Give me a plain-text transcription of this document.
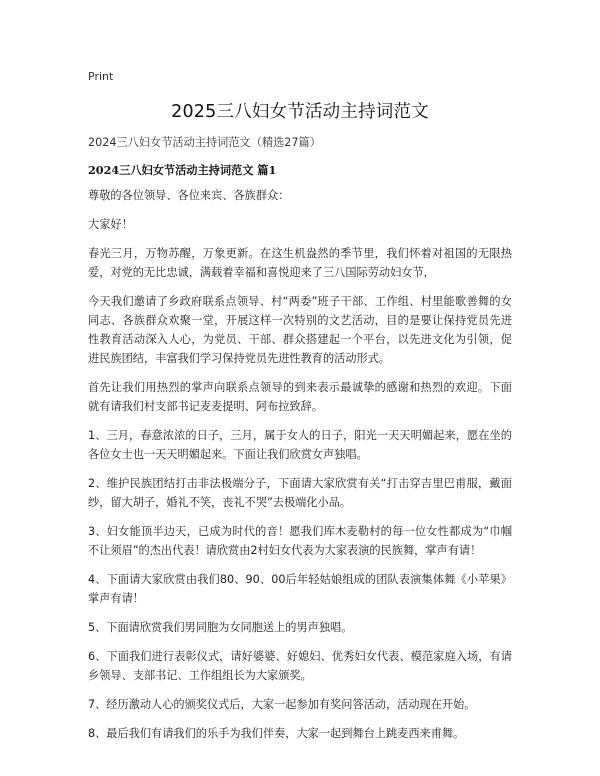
Print
2025三八妇女节活动主持词范文
2024三八妇女节活动主持词范文（精选27篇）
2024三八妇女节活动主持词范文 篇1

尊敬的各位领导、各位来宾、各族群众：

大家好！

春光三月，万物苏醒，万象更新。在这生机盎然的季节里，我们怀着对祖国的无限热爱，对党的无比忠诚，满载着幸福和喜悦迎来了三八国际劳动妇女节，

今天我们邀请了乡政府联系点领导、村“两委”班子干部、工作组、村里能歌善舞的女同志、各族群众欢聚一堂，开展这样一次特别的文艺活动，目的是要让保持党员先进性教育活动深入人心，为党员、干部、群众搭建起一个平台，以先进文化为引领，促进民族团结，丰富我们学习保持党员先进性教育的活动形式。

首先让我们用热烈的掌声向联系点领导的到来表示最诚挚的感谢和热烈的欢迎。下面就有请我们村支部书记麦麦提明、阿布拉致辞。

1、三月，春意浓浓的日子，三月，属于女人的日子，阳光一天天明媚起来，愿在坐的各位女士也一天天明媚起来。下面让我们欣赏女声独唱。

2、维护民族团结打击非法极端分子，下面请大家欣赏有关“打击穿吉里巴甫服，戴面纱，留大胡子，婚礼不笑，丧礼不哭”去极端化小品。

3、妇女能顶半边天，已成为时代的音！愿我们库木麦勒村的每一位女性都成为“巾帼不让须眉”的杰出代表！请欣赏由2村妇女代表为大家表演的民族舞，掌声有请！

4、下面请大家欣赏由我们80、90、00后年轻姑娘组成的团队表演集体舞《小苹果》掌声有请！

5、下面请欣赏我们男同胞为女同胞送上的男声独唱。

6、下面我们进行表彰仪式，请好婆婆、好媳妇、优秀妇女代表、模范家庭入场，有请乡领导、支部书记、工作组组长为大家颁奖。

7、经历激动人心的颁奖仪式后，大家一起参加有奖问答活动，活动现在开始。

8、最后我们有请我们的乐手为我们伴奏，大家一起到舞台上跳麦西来甫舞。
